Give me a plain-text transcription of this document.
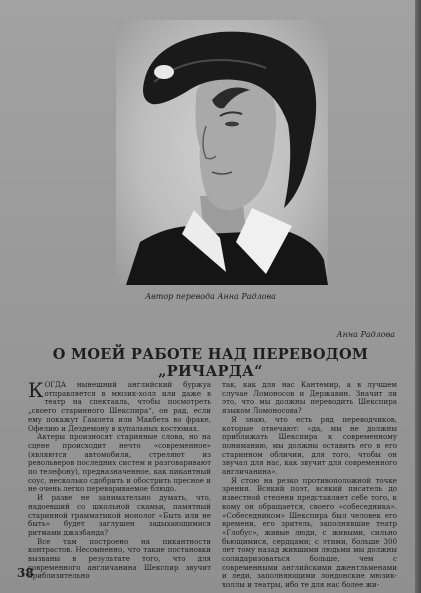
Автор перевода Анна Радлова
Анна Радлова
О МОЕЙ РАБОТЕ НАД ПЕРЕВОДОМ „РИЧАРДА“

КОГДА нынешний английский буржуа отправляется в мюзик-холл или даже в театр на спектакль, чтобы посмотреть „своего старинного Шекспира“, он рад, если ему покажут Гамлета или Макбета во фраке, Офелию и Дездемону в купальных костюмах.

Актеры произносят старинные слова, но на сцене происходит нечто «современное» (являются автомобили, стреляют из револьверов последних систем и разговаривают по телефону), предназначенное, как пикантный соус, несколько сдобрить и обострить пресное и не очень легко перевариваемое блюдо.

И разве не занимательно думать, что, надоевший со школьной скамьи, памятный старинной грамматикой монолог «Быть или не быть» будет заглушен задыхающимися ритмами джазбанда?

Все там построено на пикантности контрастов. Несомненно, что такие постановки вызваны в результате того, что для современного англичанина Шекспир звучит приблизительно

так, как для нас Кантемир, а в лучшем случае Ломоносов и Державин. Значит ли это, что мы должны переводить Шекспира языком Ломоносова?

Я знаю, что есть ряд переводчиков, которые отвечают: «да, мы не должны приближать Шекспира к современному пониманию, мы должны оставить его в его старинном обличии, для того, чтобы он звучал для нас, как звучит для современного англичанина».

Я стою на резко противоположной точке зрения. Всякий поэт, всякий писатель до известной степени представляет себе того, к кому он обращается, своего «собеседника». «Собеседником» Шекспира был человек его времени, его зритель, заполнявшие театр «Глобус», живые люди, с живыми, сильно бьющимися, сердцами; с этими, больше 300 лет тому назад жившими людьми мы должны солидаризоваться больше, чем с современными английскими джентльменами и леди, заполняющими лондонские мюзик-холлы и театры, ибо те для нас более жи-

38
